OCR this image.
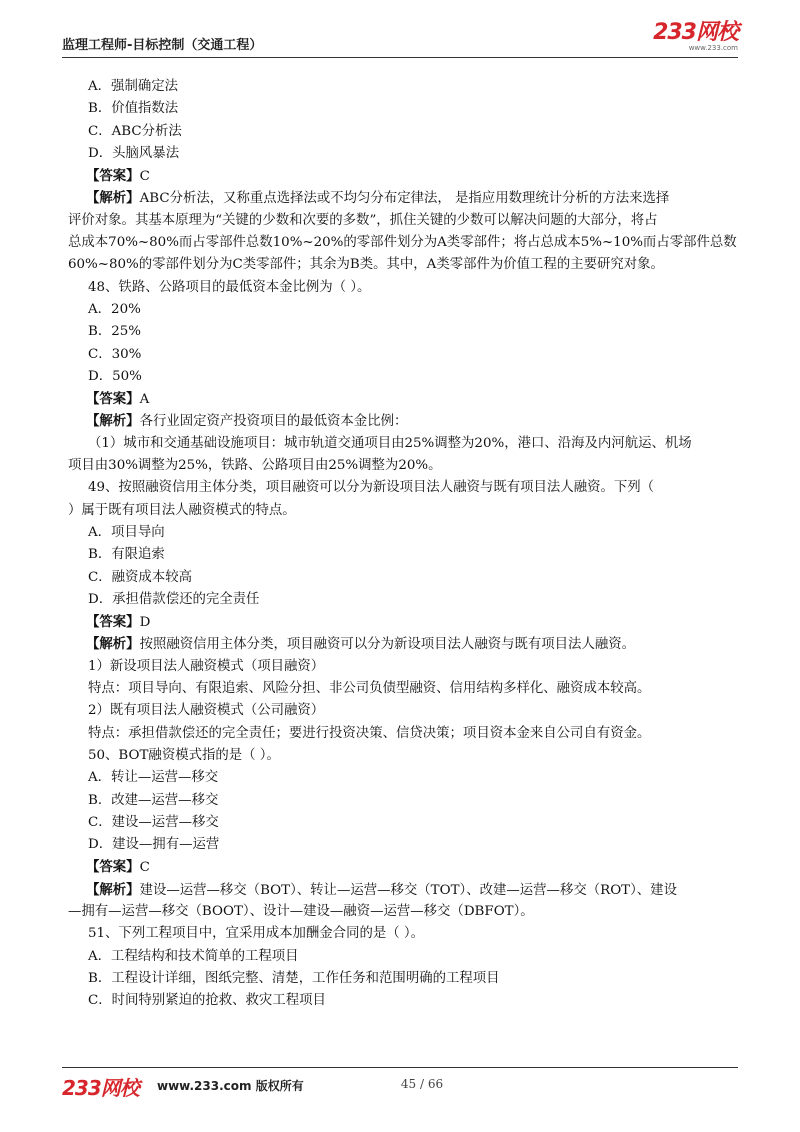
监理工程师-目标控制（交通工程）
233网校
www.233.com
A．强制确定法
B．价值指数法
C．ABC分析法
D．头脑风暴法
【答案】C
【解析】ABC分析法，又称重点选择法或不均匀分布定律法， 是指应用数理统计分析的方法来选择
评价对象。其基本原理为“关键的少数和次要的多数”，抓住关键的少数可以解决问题的大部分，将占
总成本70%~80%而占零部件总数10%~20%的零部件划分为A类零部件；将占总成本5%~10%而占零部件总数
60%~80%的零部件划分为C类零部件；其余为B类。其中，A类零部件为价值工程的主要研究对象。
48、铁路、公路项目的最低资本金比例为（ ）。
A．20%
B．25%
C．30%
D．50%
【答案】A
【解析】各行业固定资产投资项目的最低资本金比例：
（1）城市和交通基础设施项目：城市轨道交通项目由25%调整为20%，港口、沿海及内河航运、机场
项目由30%调整为25%，铁路、公路项目由25%调整为20%。
49、按照融资信用主体分类，项目融资可以分为新设项目法人融资与既有项目法人融资。下列（
）属于既有项目法人融资模式的特点。
A．项目导向
B．有限追索
C．融资成本较高
D．承担借款偿还的完全责任
【答案】D
【解析】按照融资信用主体分类，项目融资可以分为新设项目法人融资与既有项目法人融资。
1）新设项目法人融资模式（项目融资）
特点：项目导向、有限追索、风险分担、非公司负债型融资、信用结构多样化、融资成本较高。
2）既有项目法人融资模式（公司融资）
特点：承担借款偿还的完全责任；要进行投资决策、信贷决策；项目资本金来自公司自有资金。
50、BOT融资模式指的是（ ）。
A．转让—运营—移交
B．改建—运营—移交
C．建设—运营—移交
D．建设—拥有—运营
【答案】C
【解析】建设—运营—移交（BOT）、转让—运营—移交（TOT）、改建—运营—移交（ROT）、建设
—拥有—运营—移交（BOOT）、设计—建设—融资—运营—移交（DBFOT）。
51、下列工程项目中，宜采用成本加酬金合同的是（ ）。
A．工程结构和技术简单的工程项目
B．工程设计详细，图纸完整、清楚，工作任务和范围明确的工程项目
C．时间特别紧迫的抢救、救灾工程项目
233网校 www.233.com 版权所有	45 / 66
